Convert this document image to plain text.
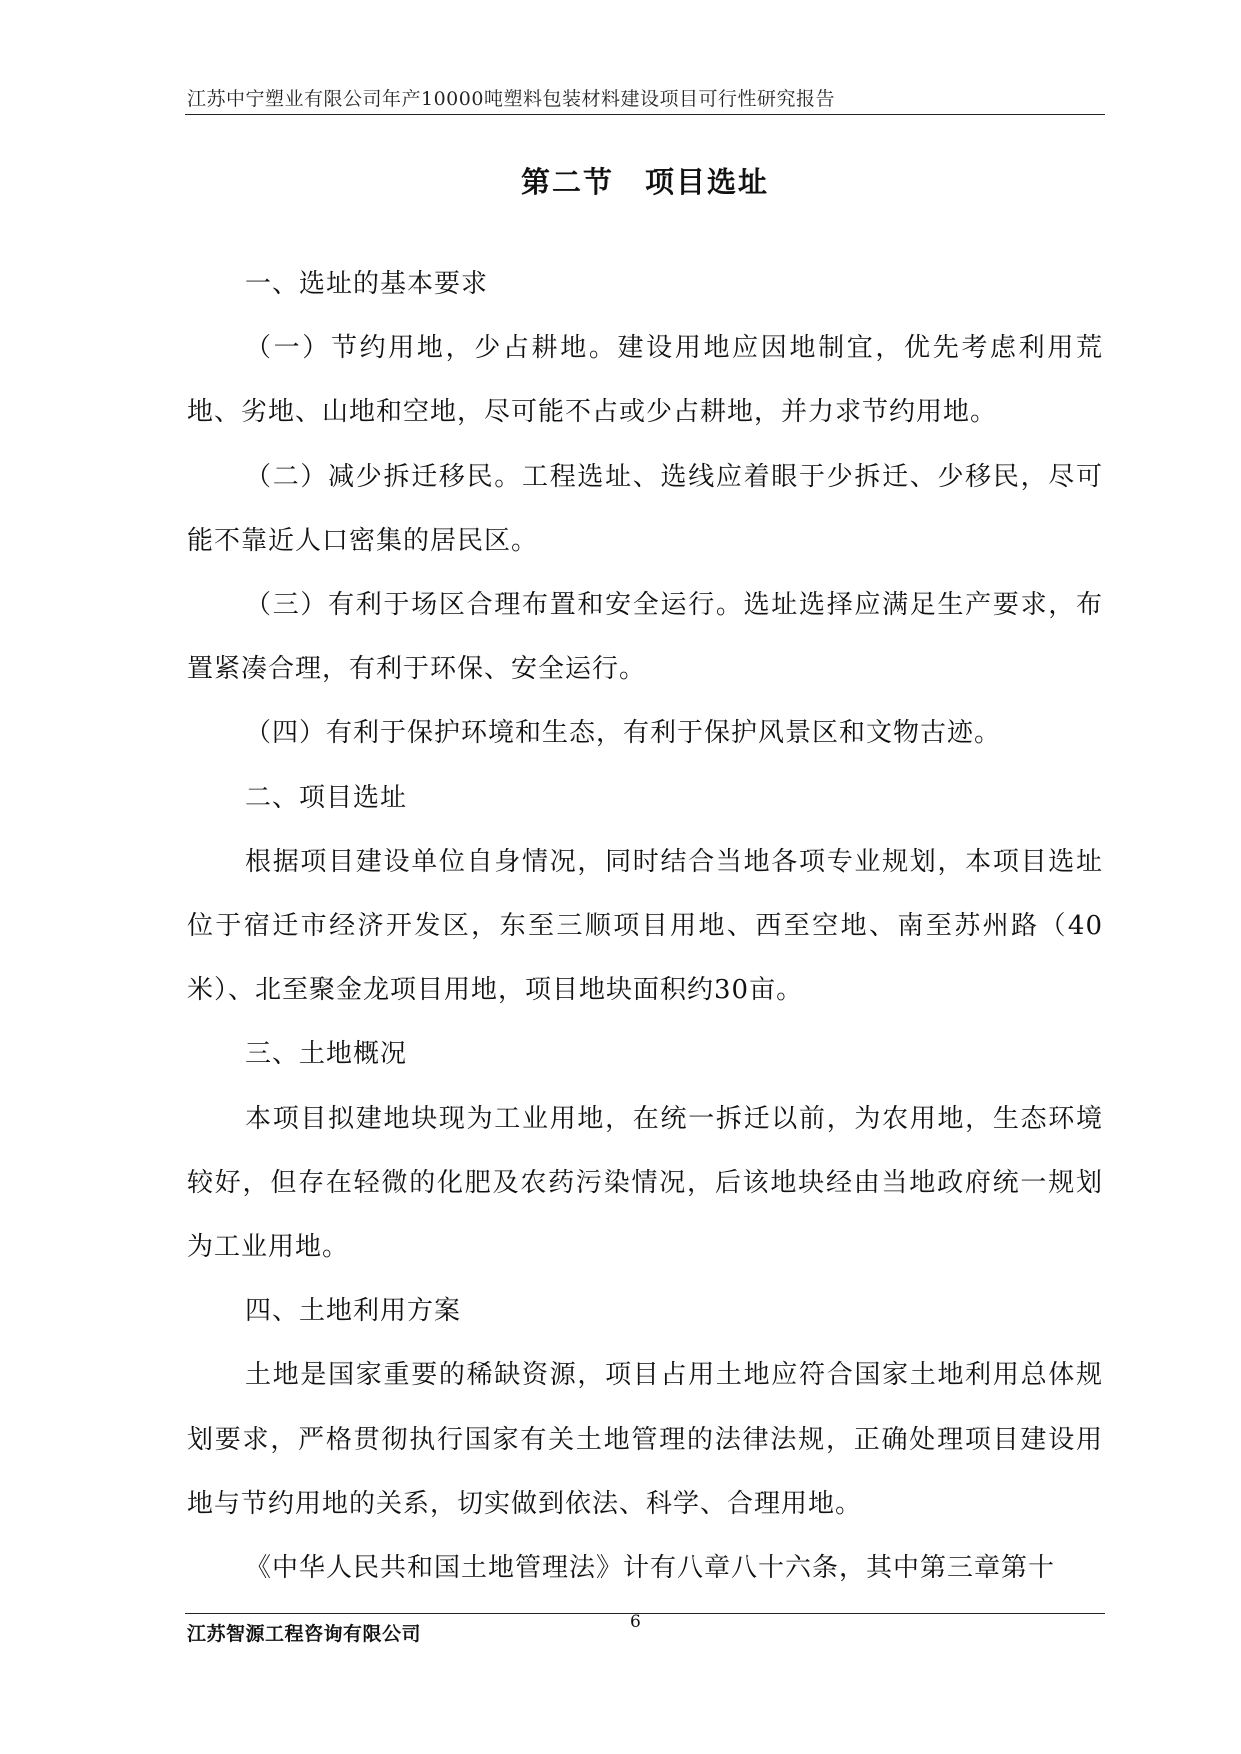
江苏中宁塑业有限公司年产10000吨塑料包装材料建设项目可行性研究报告
第二节　项目选址

一、选址的基本要求

（一）节约用地，少占耕地。建设用地应因地制宜，优先考虑利用荒地、劣地、山地和空地，尽可能不占或少占耕地，并力求节约用地。

（二）减少拆迁移民。工程选址、选线应着眼于少拆迁、少移民，尽可能不靠近人口密集的居民区。

（三）有利于场区合理布置和安全运行。选址选择应满足生产要求，布置紧凑合理，有利于环保、安全运行。

（四）有利于保护环境和生态，有利于保护风景区和文物古迹。

二、项目选址

根据项目建设单位自身情况，同时结合当地各项专业规划，本项目选址位于宿迁市经济开发区，东至三顺项目用地、西至空地、南至苏州路（40米）、北至聚金龙项目用地，项目地块面积约30亩。

三、土地概况

本项目拟建地块现为工业用地，在统一拆迁以前，为农用地，生态环境较好，但存在轻微的化肥及农药污染情况，后该地块经由当地政府统一规划为工业用地。

四、土地利用方案

土地是国家重要的稀缺资源，项目占用土地应符合国家土地利用总体规划要求，严格贯彻执行国家有关土地管理的法律法规，正确处理项目建设用地与节约用地的关系，切实做到依法、科学、合理用地。

《中华人民共和国土地管理法》计有八章八十六条，其中第三章第十

江苏智源工程咨询有限公司
6
